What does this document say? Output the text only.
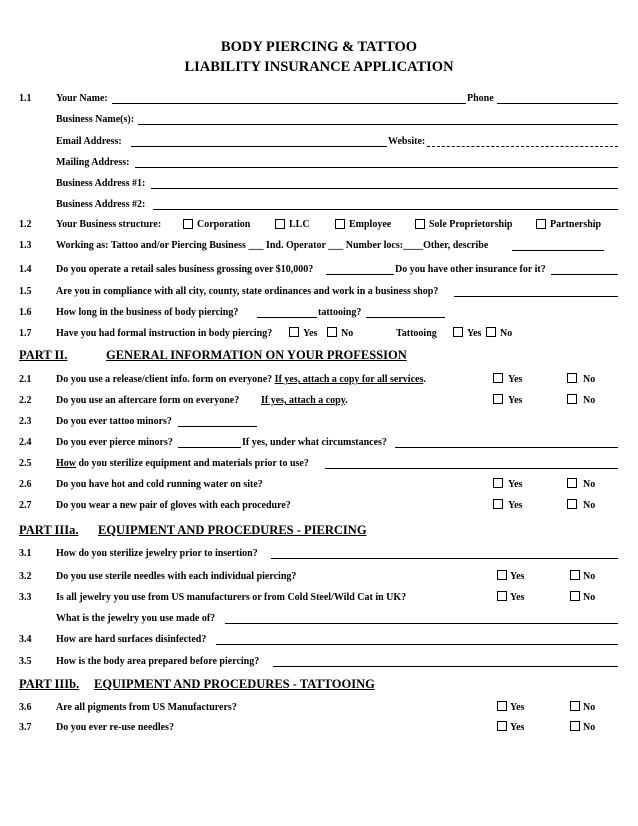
BODY PIERCING & TATTOO
LIABILITY INSURANCE APPLICATION
1.1 Your Name:	Phone
Business Name(s):
Email Address:	Website:
Mailing Address:
Business Address #1:
Business Address #2:
1.2 Your Business structure:	Corporation	LLC	Employee	Sole Proprietorship	Partnership
1.3 Working as: Tattoo and/or Piercing Business ___ Ind. Operator ___ Number locs:____Other, describe
1.4 Do you operate a retail sales business grossing over $10,000?	Do you have other insurance for it?
1.5 Are you in compliance with all city, county, state ordinances and work in a business shop?
1.6 How long in the business of body piercing?	tattooing?
1.7 Have you had formal instruction in body piercing?	Yes No	Tattooing	Yes No
PART II.	GENERAL INFORMATION ON YOUR PROFESSION
2.1 Do you use a release/client info. form on everyone? If yes, attach a copy for all services.	Yes	No
2.2 Do you use an aftercare form on everyone? If yes, attach a copy.	Yes	No
2.3 Do you ever tattoo minors?
2.4 Do you ever pierce minors?	If yes, under what circumstances?
2.5 How do you sterilize equipment and materials prior to use?
2.6 Do you have hot and cold running water on site?	Yes	No
2.7 Do you wear a new pair of gloves with each procedure?	Yes	No
PART IIIa. EQUIPMENT AND PROCEDURES - PIERCING
3.1 How do you sterilize jewelry prior to insertion?
3.2 Do you use sterile needles with each individual piercing?	Yes	No
3.3 Is all jewelry you use from US manufacturers or from Cold Steel/Wild Cat in UK?	Yes	No
What is the jewelry you use made of?
3.4 How are hard surfaces disinfected?
3.5 How is the body area prepared before piercing?
PART IIIb. EQUIPMENT AND PROCEDURES - TATTOOING
3.6 Are all pigments from US Manufacturers?	Yes	No
3.7 Do you ever re-use needles?	Yes	No
